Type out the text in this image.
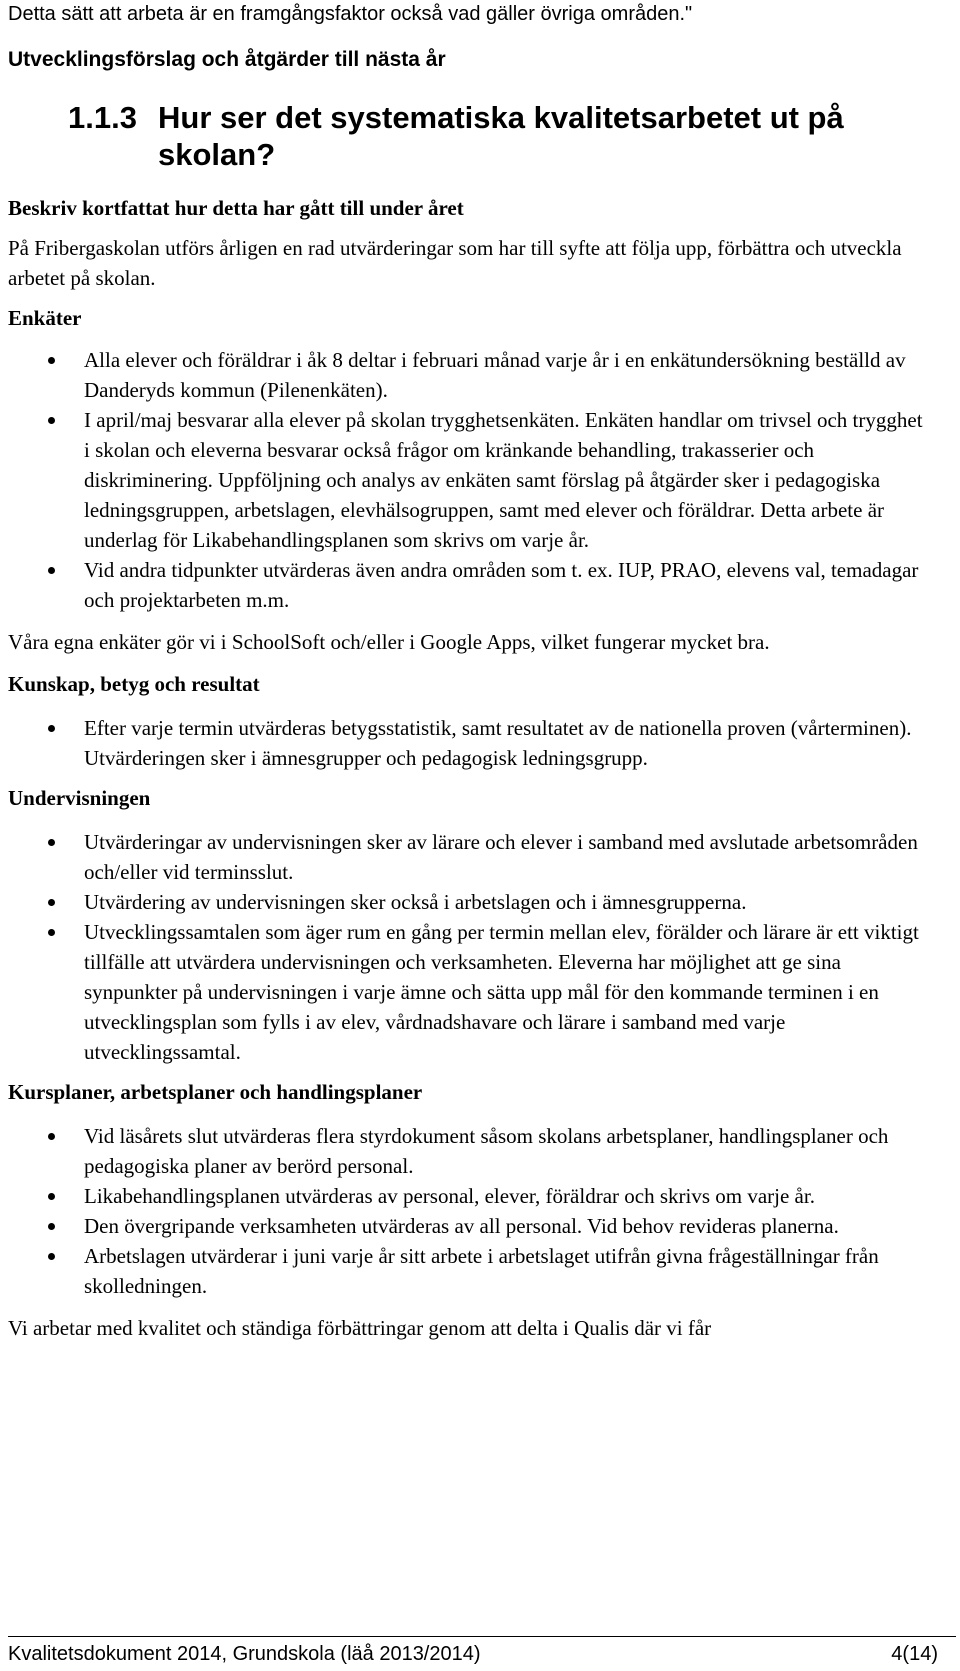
Detta sätt att arbeta är en framgångsfaktor också vad gäller övriga områden."

Utvecklingsförslag och åtgärder till nästa år

1.1.3 Hur ser det systematiska kvalitetsarbetet ut på skolan?

Beskriv kortfattat hur detta har gått till under året

På Fribergaskolan utförs årligen en rad utvärderingar som har till syfte att följa upp, förbättra och utveckla arbetet på skolan.

Enkäter

Alla elever och föräldrar i åk 8 deltar i februari månad varje år i en enkätundersökning beställd av Danderyds kommun (Pilenenkäten).
I april/maj besvarar alla elever på skolan trygghetsenkäten. Enkäten handlar om trivsel och trygghet i skolan och eleverna besvarar också frågor om kränkande behandling, trakasserier och diskriminering. Uppföljning och analys av enkäten samt förslag på åtgärder sker i pedagogiska ledningsgruppen, arbetslagen, elevhälsogruppen, samt med elever och föräldrar. Detta arbete är underlag för Likabehandlingsplanen som skrivs om varje år.
Vid andra tidpunkter utvärderas även andra områden som t. ex. IUP, PRAO, elevens val, temadagar och projektarbeten m.m.

Våra egna enkäter gör vi i SchoolSoft och/eller i Google Apps, vilket fungerar mycket bra.

Kunskap, betyg och resultat

Efter varje termin utvärderas betygsstatistik, samt resultatet av de nationella proven (vårterminen). Utvärderingen sker i ämnesgrupper och pedagogisk ledningsgrupp.

Undervisningen

Utvärderingar av undervisningen sker av lärare och elever i samband med avslutade arbetsområden och/eller vid terminsslut.
Utvärdering av undervisningen sker också i arbetslagen och i ämnesgrupperna.
Utvecklingssamtalen som äger rum en gång per termin mellan elev, förälder och lärare är ett viktigt tillfälle att utvärdera undervisningen och verksamheten. Eleverna har möjlighet att ge sina synpunkter på undervisningen i varje ämne och sätta upp mål för den kommande terminen i en utvecklingsplan som fylls i av elev, vårdnadshavare och lärare i samband med varje utvecklingssamtal.

Kursplaner, arbetsplaner och handlingsplaner

Vid läsårets slut utvärderas flera styrdokument såsom skolans arbetsplaner, handlingsplaner och pedagogiska planer av berörd personal.
Likabehandlingsplanen utvärderas av personal, elever, föräldrar och skrivs om varje år.
Den övergripande verksamheten utvärderas av all personal. Vid behov revideras planerna.
Arbetslagen utvärderar i juni varje år sitt arbete i arbetslaget utifrån givna frågeställningar från skolledningen.

Vi arbetar med kvalitet och ständiga förbättringar genom att delta i Qualis där vi får

Kvalitetsdokument 2014, Grundskola (läå 2013/2014)	4(14)
